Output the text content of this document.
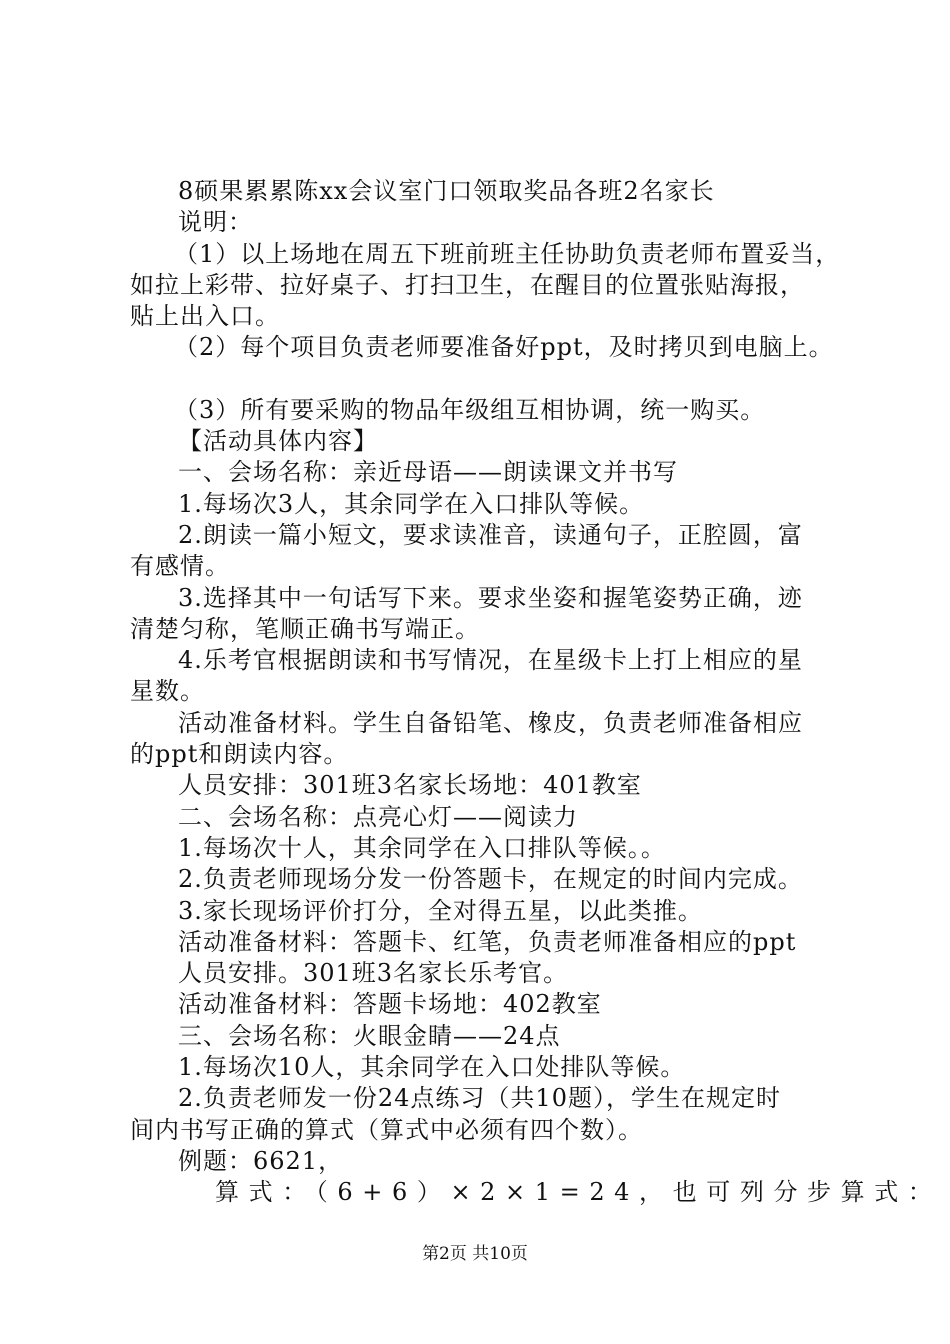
8硕果累累陈xx会议室门口领取奖品各班2名家长
说明：
（1）以上场地在周五下班前班主任协助负责老师布置妥当，
如拉上彩带、拉好桌子、打扫卫生，在醒目的位置张贴海报，
贴上出入口。
（2）每个项目负责老师要准备好ppt，及时拷贝到电脑上。
（3）所有要采购的物品年级组互相协调，统一购买。
【活动具体内容】
一、会场名称：亲近母语——朗读课文并书写
1.每场次3人，其余同学在入口排队等候。
2.朗读一篇小短文，要求读准音，读通句子，正腔圆，富
有感情。
3.选择其中一句话写下来。要求坐姿和握笔姿势正确，迹
清楚匀称，笔顺正确书写端正。
4.乐考官根据朗读和书写情况，在星级卡上打上相应的星
星数。
活动准备材料。学生自备铅笔、橡皮，负责老师准备相应
的ppt和朗读内容。
人员安排：301班3名家长场地：401教室
二、会场名称：点亮心灯——阅读力
1.每场次十人，其余同学在入口排队等候。。
2.负责老师现场分发一份答题卡，在规定的时间内完成。
3.家长现场评价打分，全对得五星，以此类推。
活动准备材料：答题卡、红笔，负责老师准备相应的ppt
人员安排。301班3名家长乐考官。
活动准备材料：答题卡场地：402教室
三、会场名称：火眼金睛——24点
1.每场次10人，其余同学在入口处排队等候。
2.负责老师发一份24点练习（共10题），学生在规定时
间内书写正确的算式（算式中必须有四个数）。
例题：6621，
算式：（6+6）×2×1=24，也可列分步算式：
第2页 共10页
